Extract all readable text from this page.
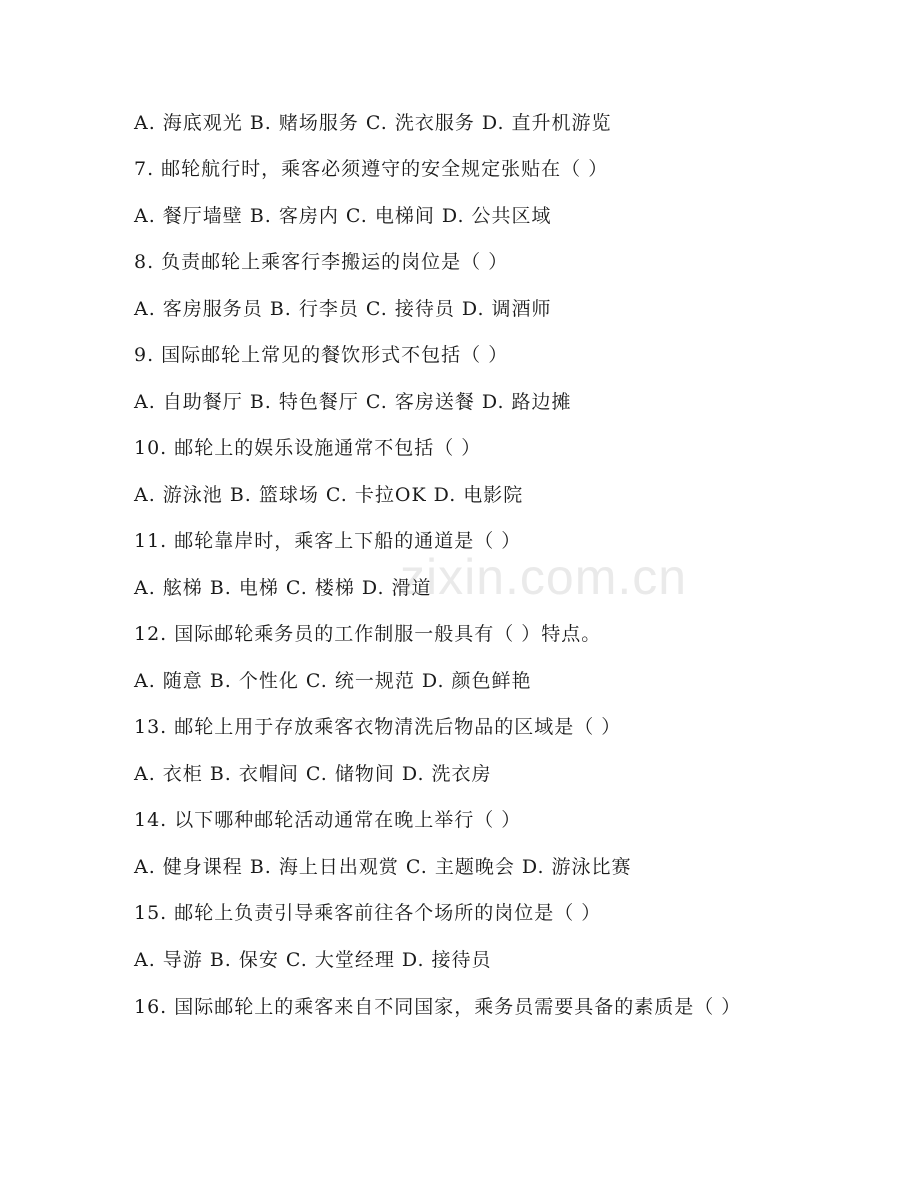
A. 海底观光 B. 赌场服务 C. 洗衣服务 D. 直升机游览
7. 邮轮航行时，乘客必须遵守的安全规定张贴在（ ）
A. 餐厅墙壁 B. 客房内 C. 电梯间 D. 公共区域
8. 负责邮轮上乘客行李搬运的岗位是（ ）
A. 客房服务员 B. 行李员 C. 接待员 D. 调酒师
9. 国际邮轮上常见的餐饮形式不包括（ ）
A. 自助餐厅 B. 特色餐厅 C. 客房送餐 D. 路边摊
10. 邮轮上的娱乐设施通常不包括（ ）
A. 游泳池 B. 篮球场 C. 卡拉OK D. 电影院
11. 邮轮靠岸时，乘客上下船的通道是（ ）
A. 舷梯 B. 电梯 C. 楼梯 D. 滑道
12. 国际邮轮乘务员的工作制服一般具有（ ）特点。
A. 随意 B. 个性化 C. 统一规范 D. 颜色鲜艳
13. 邮轮上用于存放乘客衣物清洗后物品的区域是（ ）
A. 衣柜 B. 衣帽间 C. 储物间 D. 洗衣房
14. 以下哪种邮轮活动通常在晚上举行（ ）
A. 健身课程 B. 海上日出观赏 C. 主题晚会 D. 游泳比赛
15. 邮轮上负责引导乘客前往各个场所的岗位是（ ）
A. 导游 B. 保安 C. 大堂经理 D. 接待员
16. 国际邮轮上的乘客来自不同国家，乘务员需要具备的素质是（ ）
zixin.com.cn
